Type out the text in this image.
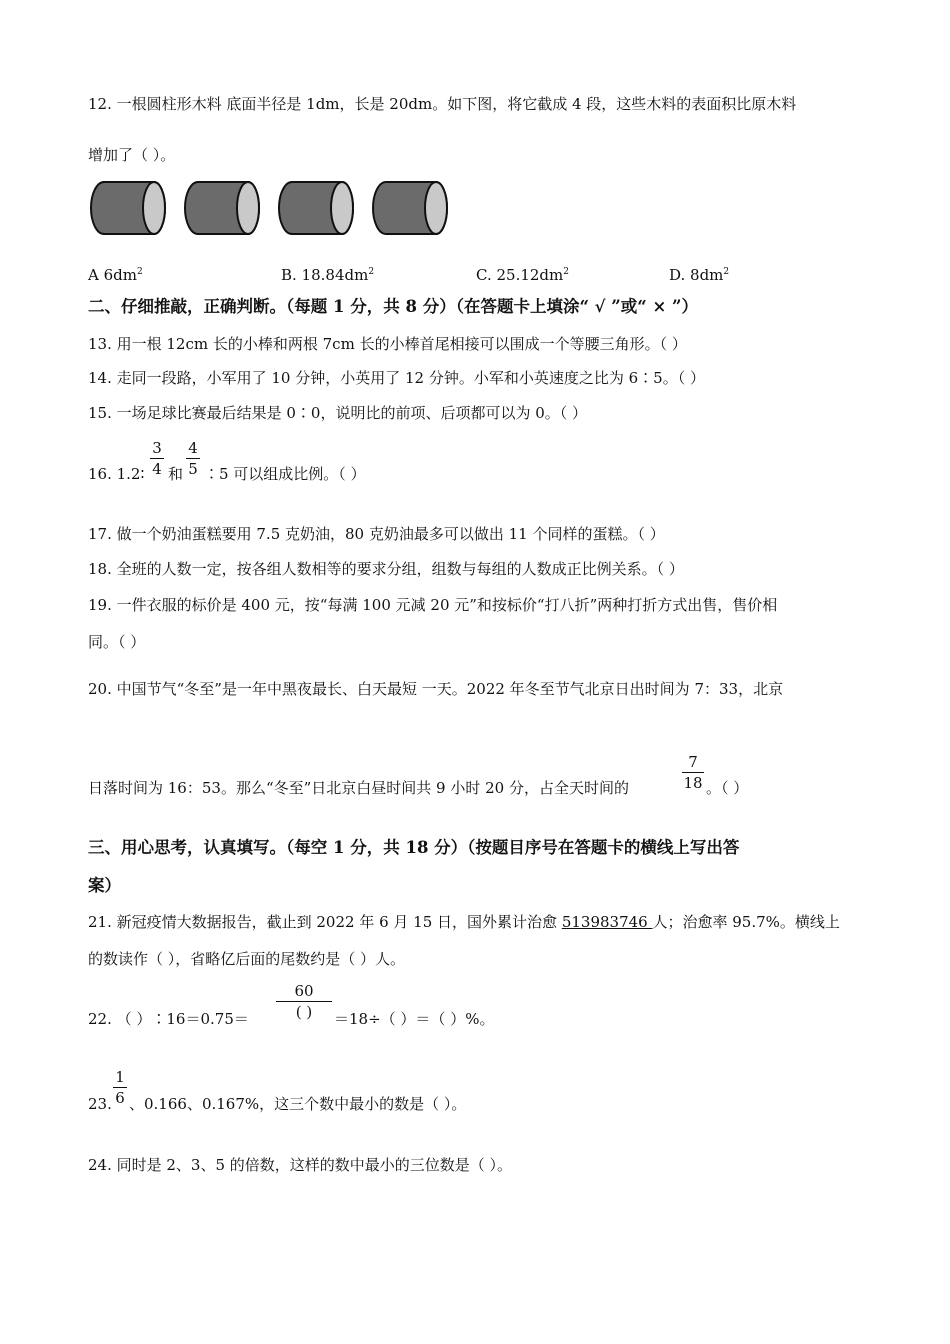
12. 一根圆柱形木料 底面半径是 1dm，长是 20dm。如下图，将它截成 4 段，这些木料的表面积比原木料
增加了（ ）。
A $6dm^2$	B. $18.84dm^2$	C. $25.12dm^2$	D. $8dm^2$
二、仔细推敲，正确判断。（每题 1 分，共 8 分）（在答题卡上填涂“ √ ”或“ × ”）
13. 用一根 12cm 长的小棒和两根 7cm 长的小棒首尾相接可以围成一个等腰三角形。（ ）
14. 走同一段路，小军用了 10 分钟，小英用了 12 分钟。小军和小英速度之比为 6∶5。（ ）
15. 一场足球比赛最后结果是 0∶0，说明比的前项、后项都可以为 0。（ ）
16. 1.2∶
3
4 和
4
5 ∶5 可以组成比例。（ ）
17. 做一个奶油蛋糕要用 7.5 克奶油，80 克奶油最多可以做出 11 个同样的蛋糕。（ ）
18. 全班的人数一定，按各组人数相等的要求分组，组数与每组的人数成正比例关系。（ ）
19. 一件衣服的标价是 400 元，按“每满 100 元减 20 元”和按标价“打八折”两种打折方式出售，售价相
同。（ ）
20. 中国节气“冬至”是一年中黑夜最长、白天最短 一天。2022 年冬至节气北京日出时间为 7：33，北京
日落时间为 16：53。那么“冬至”日北京白昼时间共 9 小时 20 分，占全天时间的
7
18 。（ ）
三、用心思考，认真填写。（每空 1 分，共 18 分）（按题目序号在答题卡的横线上写出答
案）
21. 新冠疫情大数据报告，截止到 2022 年 6 月 15 日，国外累计治愈 513983746 人；治愈率 95.7%。横线上
的数读作（ ），省略亿后面的尾数约是（ ）人。
22. （ ）∶16＝0.75＝
60
( )	＝18÷（ ）＝（ ）%。
23.
1
6 、0.166、0.167%，这三个数中最小的数是（ ）。
24. 同时是 2、3、5 的倍数，这样的数中最小的三位数是（ ）。
